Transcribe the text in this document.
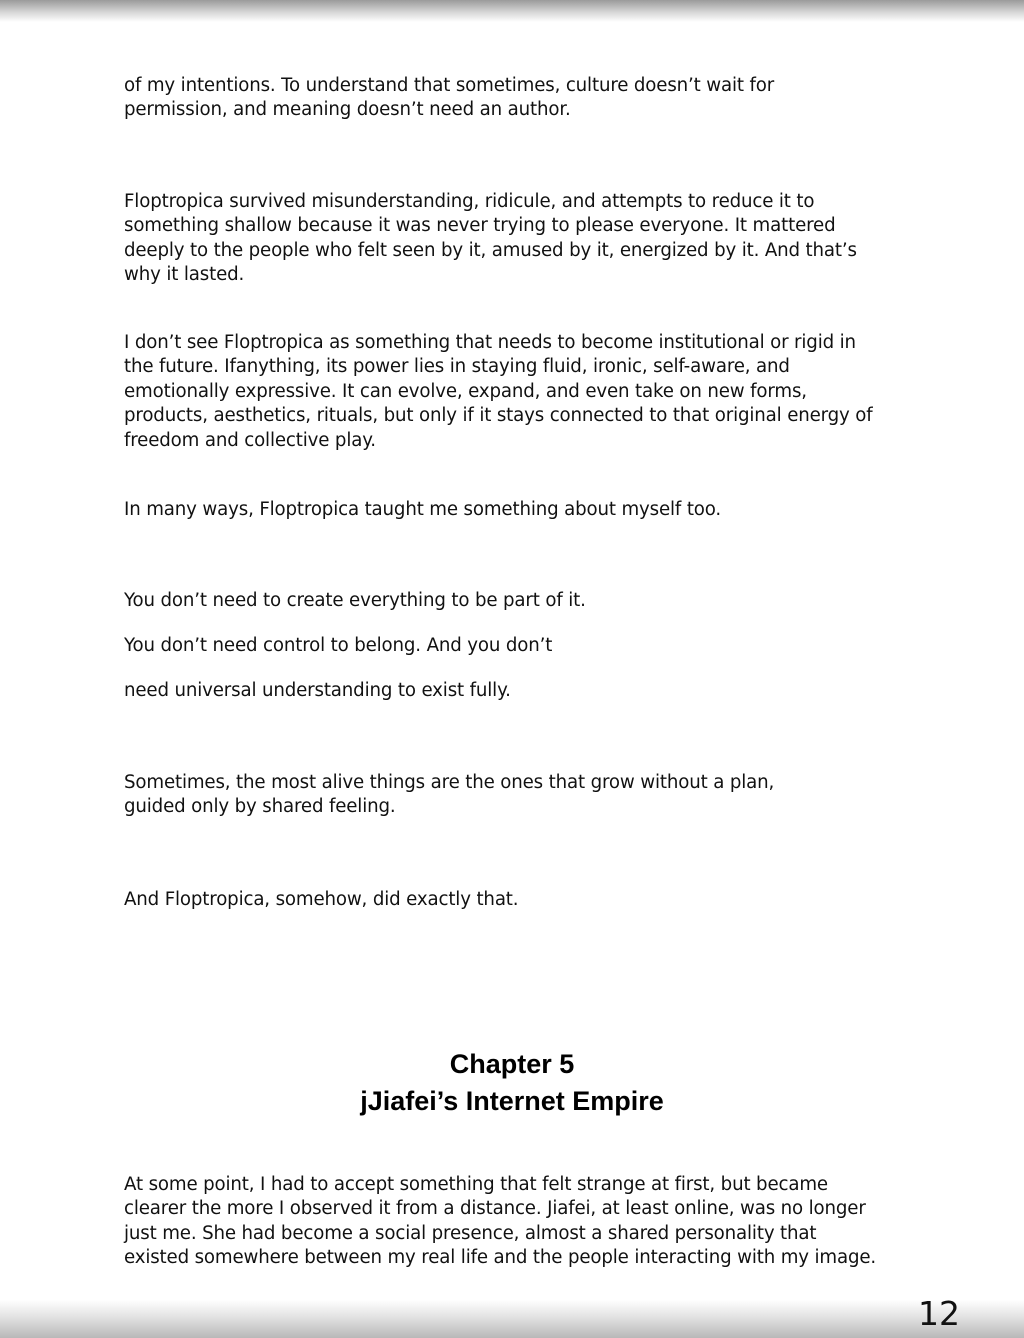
of my intentions. To understand that sometimes, culture doesn’t wait for
permission, and meaning doesn’t need an author.
Floptropica survived misunderstanding, ridicule, and attempts to reduce it to
something shallow because it was never trying to please everyone. It mattered
deeply to the people who felt seen by it, amused by it, energized by it. And that’s
why it lasted.
I don’t see Floptropica as something that needs to become institutional or rigid in
the future. Ifanything, its power lies in staying fluid, ironic, self-aware, and
emotionally expressive. It can evolve, expand, and even take on new forms,
products, aesthetics, rituals, but only if it stays connected to that original energy of
freedom and collective play.
In many ways, Floptropica taught me something about myself too.
You don’t need to create everything to be part of it.
You don’t need control to belong. And you don’t
need universal understanding to exist fully.
Sometimes, the most alive things are the ones that grow without a plan,
guided only by shared feeling.
And Floptropica, somehow, did exactly that.
Chapter 5
jJiafei’s Internet Empire
At some point, I had to accept something that felt strange at first, but became
clearer the more I observed it from a distance. Jiafei, at least online, was no longer
just me. She had become a social presence, almost a shared personality that
existed somewhere between my real life and the people interacting with my image.
12
